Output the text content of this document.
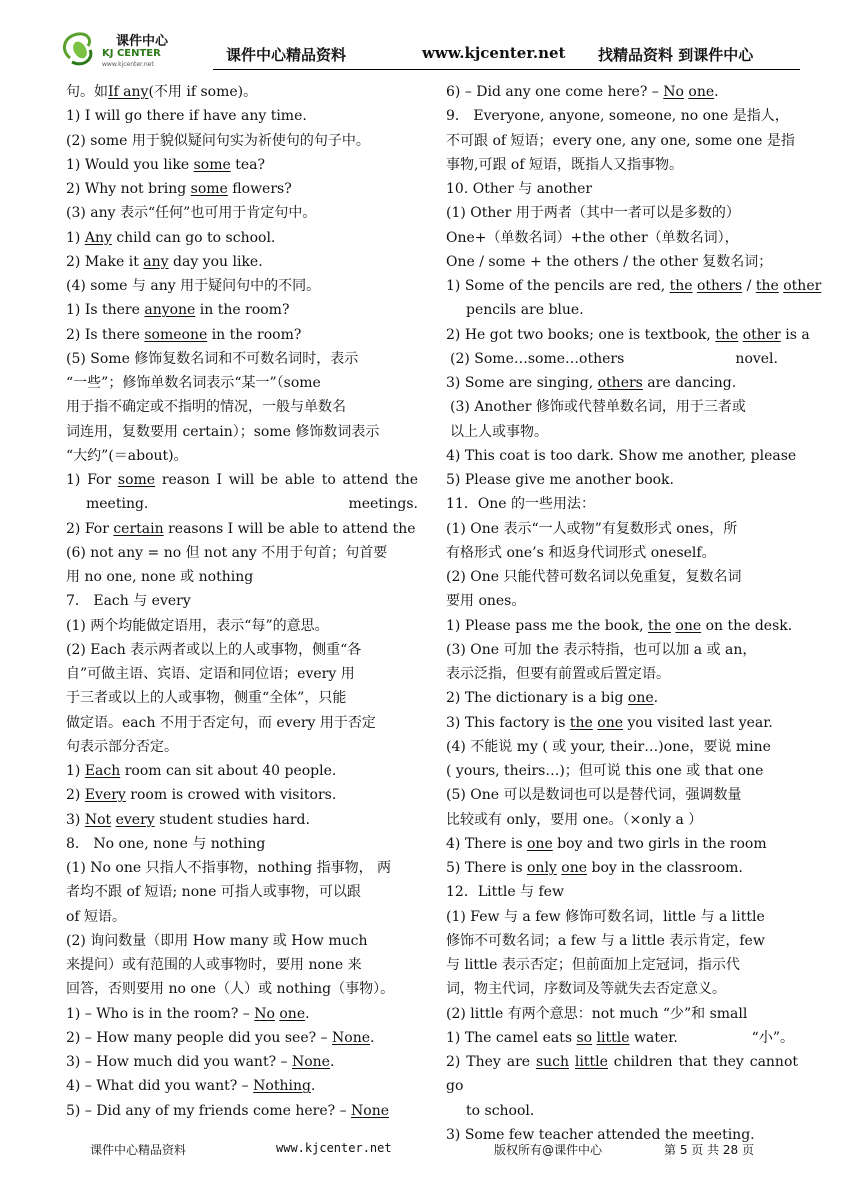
课件中心
KJ CENTER
www.kjcenter.net
课件中心精品资料	www.kjcenter.net 找精品资料 到课件中心
句。如If any(不用 if some)。
1) I will go there if have any time.
(2) some 用于貌似疑问句实为祈使句的句子中。
1) Would you like some tea?
2) Why not bring some flowers?
(3) any 表示“任何”也可用于肯定句中。
1) Any child can go to school.
2) Make it any day you like.
(4) some 与 any 用于疑问句中的不同。
1) Is there anyone in the room?
2) Is there someone in the room?
(5) Some 修饰复数名词和不可数名词时，表示
“一些”；修饰单数名词表示“某一”（some
用于指不确定或不指明的情况，一般与单数名
词连用，复数要用 certain）；some 修饰数词表示
“大约”(＝about)。
1) For some reason I will be able to attend the
meeting.	meetings.
2) For certain reasons I will be able to attend the
(6) not any = no 但 not any 不用于句首；句首要
用 no one, none 或 nothing
7． Each 与 every
(1) 两个均能做定语用，表示“每”的意思。
(2) Each 表示两者或以上的人或事物，侧重“各
自”可做主语、宾语、定语和同位语；every 用
于三者或以上的人或事物，侧重“全体”，只能
做定语。each 不用于否定句，而 every 用于否定
句表示部分否定。
1) Each room can sit about 40 people.
2) Every room is crowed with visitors.
3) Not every student studies hard.
8． No one, none 与 nothing
(1) No one 只指人不指事物，nothing 指事物， 两
者均不跟 of 短语; none 可指人或事物，可以跟
of 短语。
(2) 询问数量（即用 How many 或 How much
来提问）或有范围的人或事物时，要用 none 来
回答，否则要用 no one（人）或 nothing（事物）。
1) – Who is in the room? – No one.
2) – How many people did you see? – None.
3) – How much did you want? – None.
4) – What did you want? – Nothing.
5) – Did any of my friends come here? – None
6) – Did any one come here? – No one.
9． Everyone, anyone, someone, no one 是指人，
不可跟 of 短语；every one, any one, some one 是指
事物,可跟 of 短语，既指人又指事物。
10. Other 与 another
(1) Other 用于两者（其中一者可以是多数的）
One+（单数名词）+the other（单数名词），
One / some + the others / the other 复数名词；
1) Some of the pencils are red, the others / the other
pencils are blue.
2) He got two books; one is textbook, the other is a
(2) Some…some…others	novel.
3) Some are singing, others are dancing.
(3) Another 修饰或代替单数名词，用于三者或
以上人或事物。
4) This coat is too dark. Show me another, please
5) Please give me another book.
11．One 的一些用法：
(1) One 表示“一人或物”有复数形式 ones，所
有格形式 one’s 和返身代词形式 oneself。
(2) One 只能代替可数名词以免重复，复数名词
要用 ones。
1) Please pass me the book, the one on the desk.
(3) One 可加 the 表示特指，也可以加 a 或 an，
表示泛指，但要有前置或后置定语。
2) The dictionary is a big one.
3) This factory is the one you visited last year.
(4) 不能说 my ( 或 your, their…)one，要说 mine
( yours, theirs…)；但可说 this one 或 that one
(5) One 可以是数词也可以是替代词，强调数量
比较或有 only，要用 one。（×only a ）
4) There is one boy and two girls in the room
5) There is only one boy in the classroom.
12．Little 与 few
(1) Few 与 a few 修饰可数名词，little 与 a little
修饰不可数名词；a few 与 a little 表示肯定，few
与 little 表示否定；但前面加上定冠词，指示代
词，物主代词，序数词及等就失去否定意义。
(2) little 有两个意思：not much “少”和 small
1) The camel eats so little water.	“小”。
2) They are such little children that they cannot go
to school.
3) Some few teacher attended the meeting.
课件中心精品资料	www.kjcenter.net	版权所有@课件中心	第 5 页 共 28 页
